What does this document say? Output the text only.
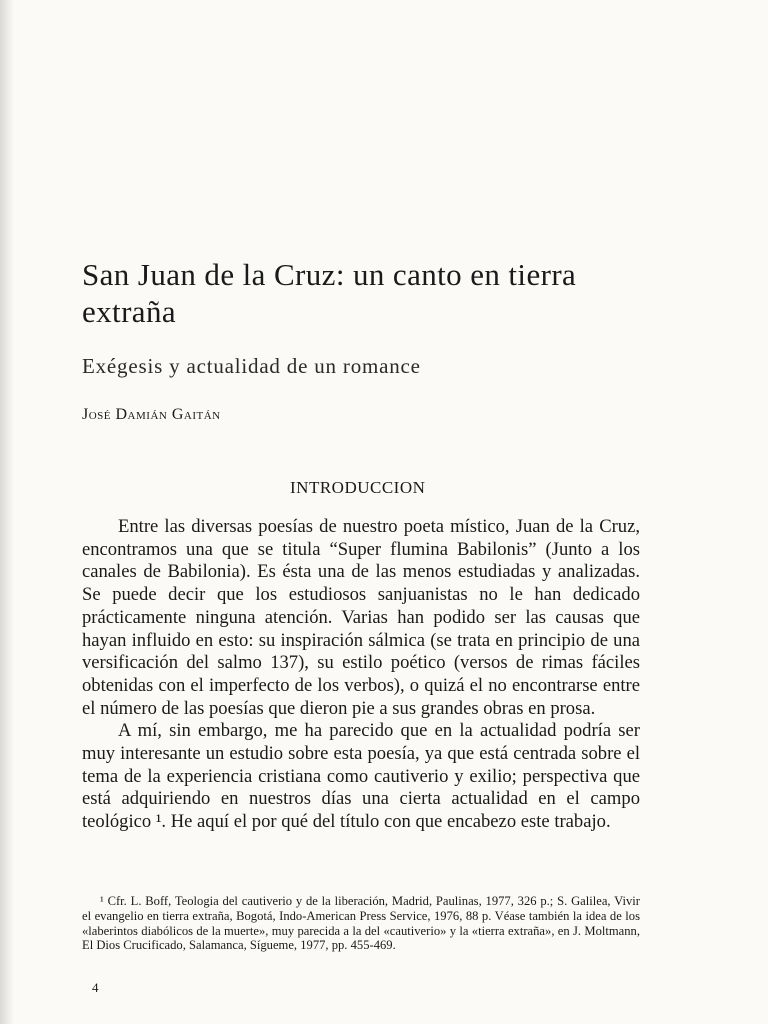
San Juan de la Cruz: un canto en tierra extraña
Exégesis y actualidad de un romance

José Damián Gaitán

INTRODUCCION

Entre las diversas poesías de nuestro poeta místico, Juan de la Cruz, encontramos una que se titula “Super flumina Babilonis” (Junto a los canales de Babilonia). Es ésta una de las menos estudiadas y analizadas. Se puede decir que los estudiosos sanjuanistas no le han dedicado prácticamente ninguna atención. Varias han podido ser las causas que hayan influido en esto: su inspiración sálmica (se trata en principio de una versificación del salmo 137), su estilo poético (versos de rimas fáciles obtenidas con el imperfecto de los verbos), o quizá el no encontrarse entre el número de las poesías que dieron pie a sus grandes obras en prosa.

A mí, sin embargo, me ha parecido que en la actualidad podría ser muy interesante un estudio sobre esta poesía, ya que está centrada sobre el tema de la experiencia cristiana como cautiverio y exilio; perspectiva que está adquiriendo en nuestros días una cierta actualidad en el campo teológico ¹. He aquí el por qué del título con que encabezo este trabajo.

¹ Cfr. L. Boff, Teologia del cautiverio y de la liberación, Madrid, Paulinas, 1977, 326 p.; S. Galilea, Vivir el evangelio en tierra extraña, Bogotá, Indo-American Press Service, 1976, 88 p. Véase también la idea de los «laberintos diabólicos de la muerte», muy parecida a la del «cautiverio» y la «tierra extraña», en J. Moltmann, El Dios Crucificado, Salamanca, Sígueme, 1977, pp. 455-469.

4
